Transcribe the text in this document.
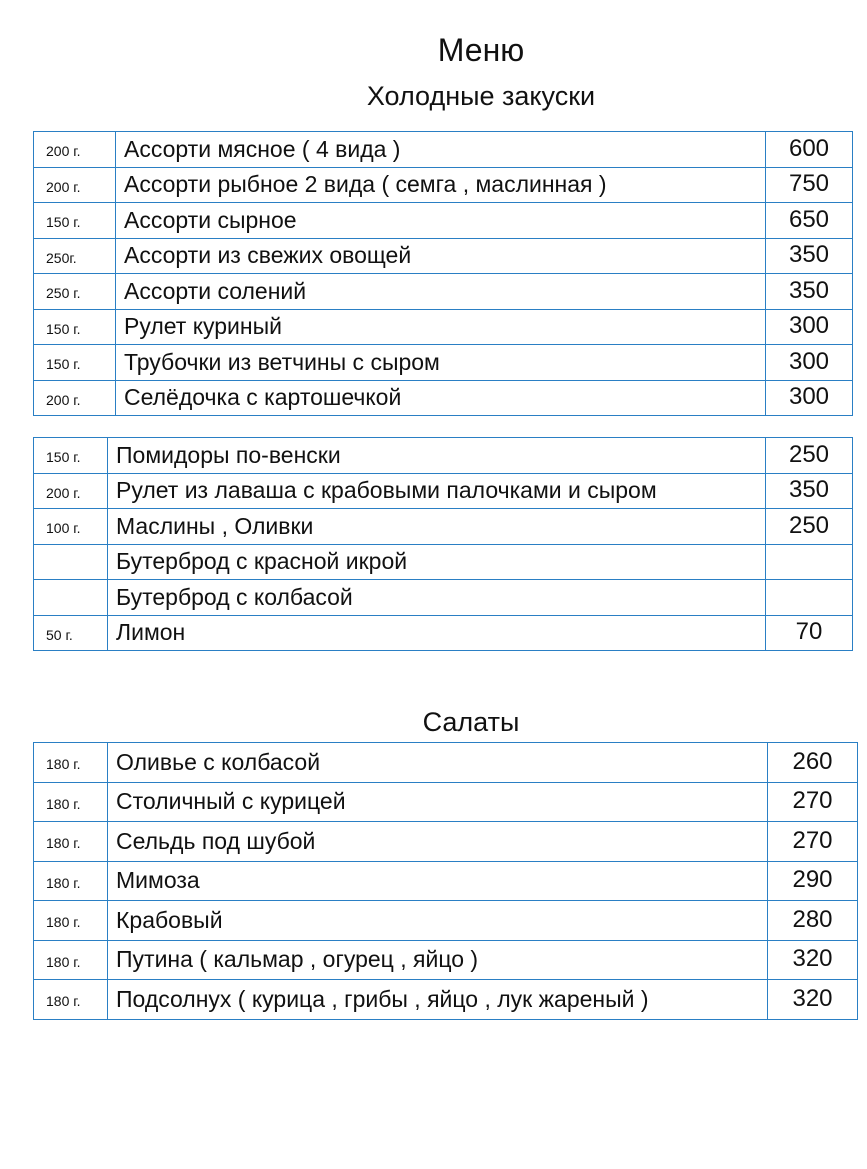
Меню
Холодные закуски
200 г.	Ассорти мясное ( 4 вида )	600
200 г.	Ассорти рыбное 2 вида ( семга , маслинная )	750
150 г.	Ассорти сырное	650
250г.	Ассорти из свежих овощей	350
250 г.	Ассорти солений	350
150 г.	Рулет куриный	300
150 г.	Трубочки из ветчины с сыром	300
200 г.	Селёдочка с картошечкой	300
150 г.	Помидоры по-венски	250
200 г.	Рулет из лаваша с крабовыми палочками и сыром	350
100 г.	Маслины , Оливки	250
	Бутерброд с красной икрой	
	Бутерброд с колбасой	
50 г.	Лимон	70
Салаты
180 г.	Оливье с колбасой	260
180 г.	Столичный с курицей	270
180 г.	Сельдь под шубой	270
180 г.	Мимоза	290
180 г.	Крабовый	280
180 г.	Путина ( кальмар , огурец , яйцо )	320
180 г.	Подсолнух ( курица , грибы , яйцо , лук жареный )	320
